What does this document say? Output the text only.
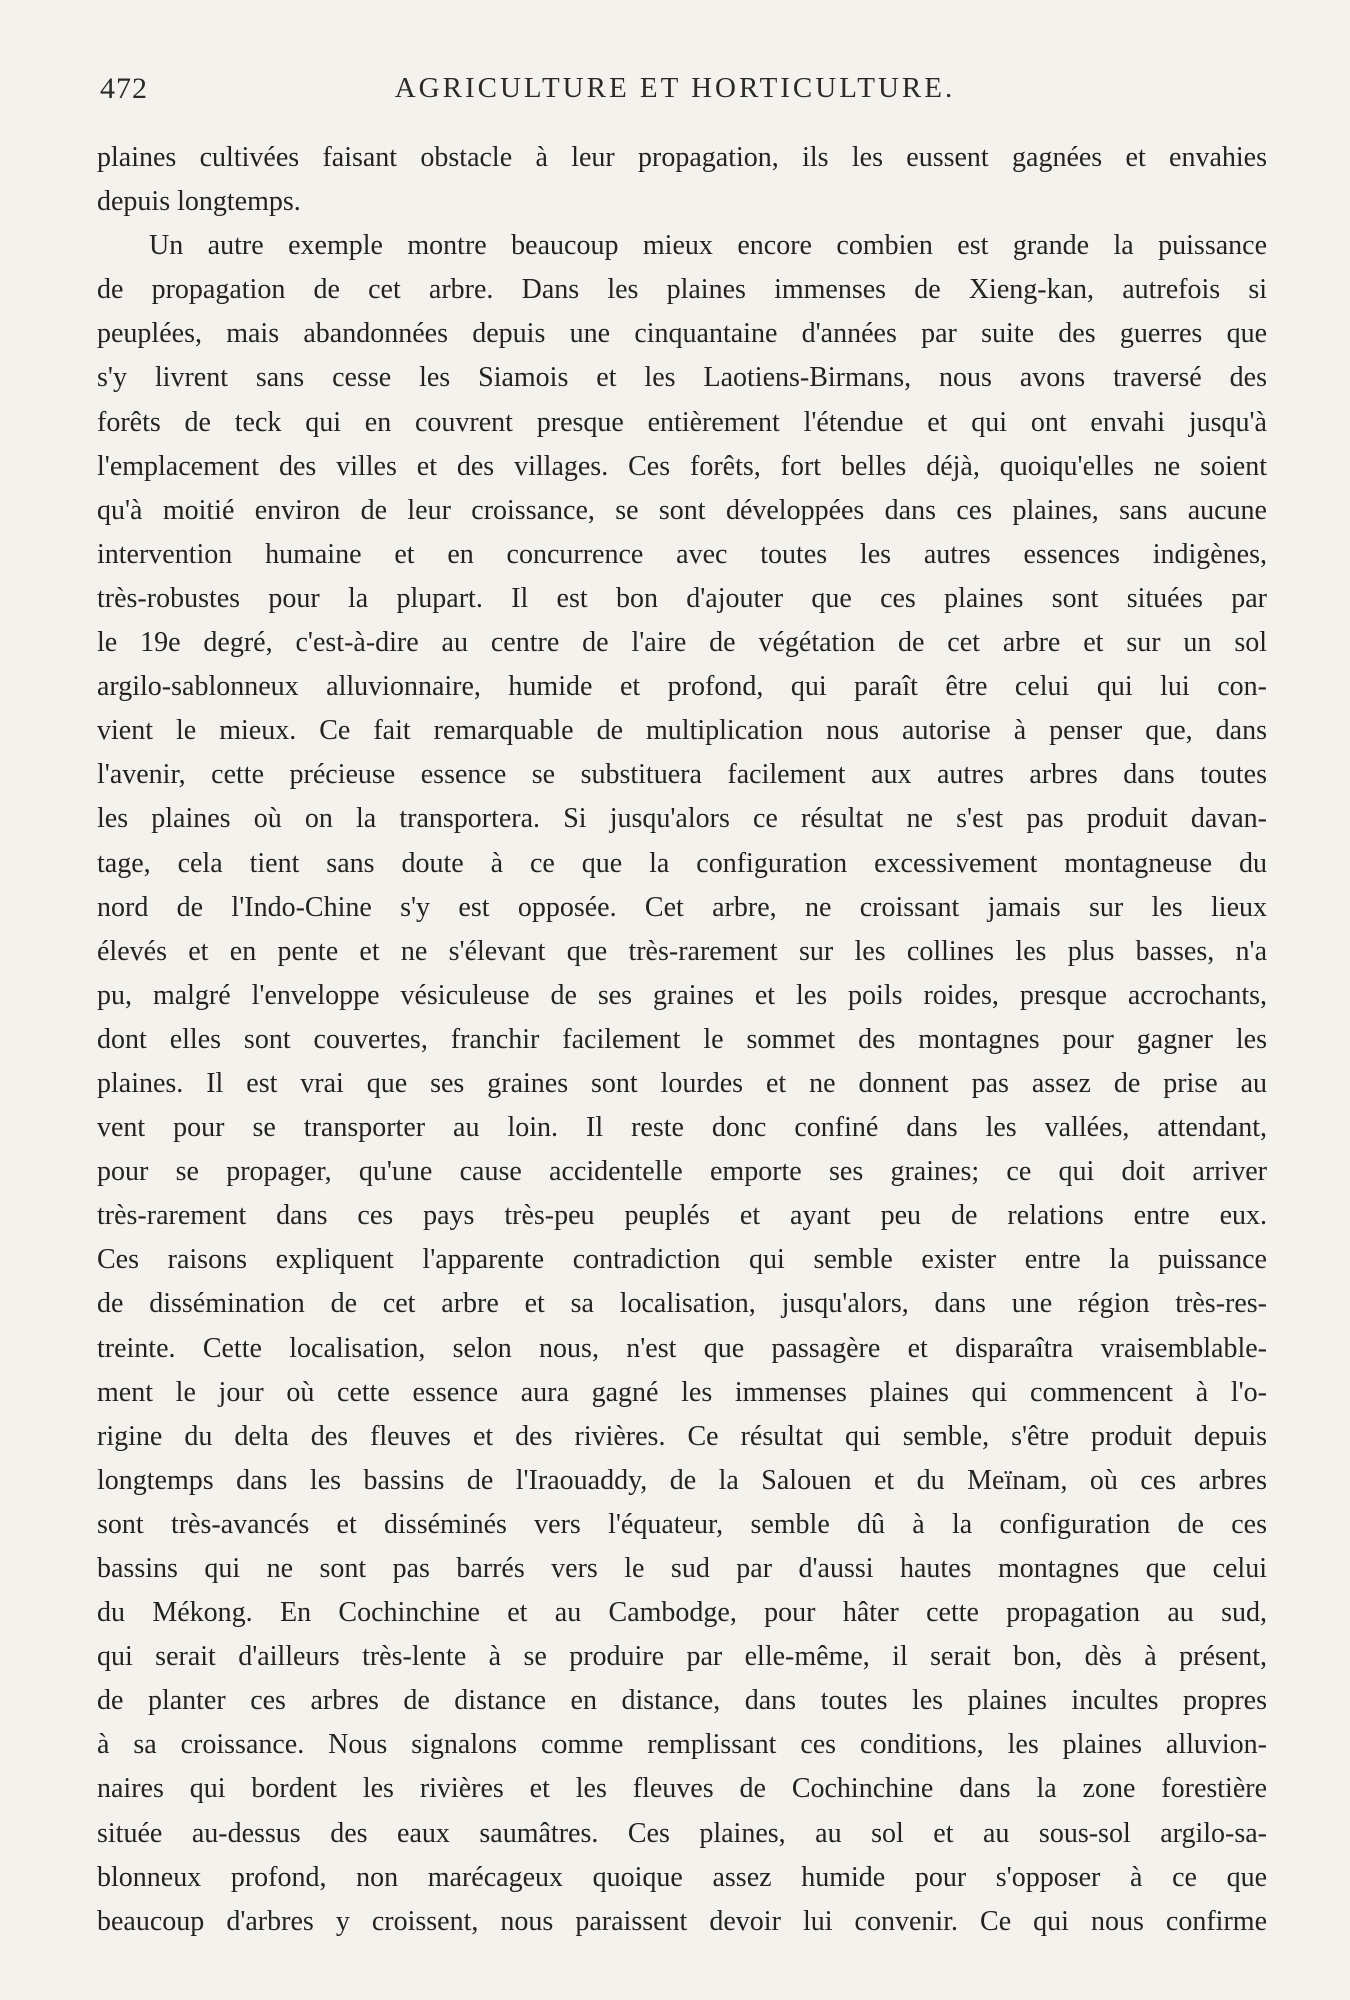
472	AGRICULTURE ET HORTICULTURE.
plaines cultivées faisant obstacle à leur propagation, ils les eussent gagnées et envahies
depuis longtemps.
Un autre exemple montre beaucoup mieux encore combien est grande la puissance
de propagation de cet arbre. Dans les plaines immenses de Xieng-kan, autrefois si
peuplées, mais abandonnées depuis une cinquantaine d'années par suite des guerres que
s'y livrent sans cesse les Siamois et les Laotiens-Birmans, nous avons traversé des
forêts de teck qui en couvrent presque entièrement l'étendue et qui ont envahi jusqu'à
l'emplacement des villes et des villages. Ces forêts, fort belles déjà, quoiqu'elles ne soient
qu'à moitié environ de leur croissance, se sont développées dans ces plaines, sans aucune
intervention humaine et en concurrence avec toutes les autres essences indigènes,
très-robustes pour la plupart. Il est bon d'ajouter que ces plaines sont situées par
le 19e degré, c'est-à-dire au centre de l'aire de végétation de cet arbre et sur un sol
argilo-sablonneux alluvionnaire, humide et profond, qui paraît être celui qui lui con-
vient le mieux. Ce fait remarquable de multiplication nous autorise à penser que, dans
l'avenir, cette précieuse essence se substituera facilement aux autres arbres dans toutes
les plaines où on la transportera. Si jusqu'alors ce résultat ne s'est pas produit davan-
tage, cela tient sans doute à ce que la configuration excessivement montagneuse du
nord de l'Indo-Chine s'y est opposée. Cet arbre, ne croissant jamais sur les lieux
élevés et en pente et ne s'élevant que très-rarement sur les collines les plus basses, n'a
pu, malgré l'enveloppe vésiculeuse de ses graines et les poils roides, presque accrochants,
dont elles sont couvertes, franchir facilement le sommet des montagnes pour gagner les
plaines. Il est vrai que ses graines sont lourdes et ne donnent pas assez de prise au
vent pour se transporter au loin. Il reste donc confiné dans les vallées, attendant,
pour se propager, qu'une cause accidentelle emporte ses graines; ce qui doit arriver
très-rarement dans ces pays très-peu peuplés et ayant peu de relations entre eux.
Ces raisons expliquent l'apparente contradiction qui semble exister entre la puissance
de dissémination de cet arbre et sa localisation, jusqu'alors, dans une région très-res-
treinte. Cette localisation, selon nous, n'est que passagère et disparaîtra vraisemblable-
ment le jour où cette essence aura gagné les immenses plaines qui commencent à l'o-
rigine du delta des fleuves et des rivières. Ce résultat qui semble, s'être produit depuis
longtemps dans les bassins de l'Iraouaddy, de la Salouen et du Meïnam, où ces arbres
sont très-avancés et disséminés vers l'équateur, semble dû à la configuration de ces
bassins qui ne sont pas barrés vers le sud par d'aussi hautes montagnes que celui
du Mékong. En Cochinchine et au Cambodge, pour hâter cette propagation au sud,
qui serait d'ailleurs très-lente à se produire par elle-même, il serait bon, dès à présent,
de planter ces arbres de distance en distance, dans toutes les plaines incultes propres
à sa croissance. Nous signalons comme remplissant ces conditions, les plaines alluvion-
naires qui bordent les rivières et les fleuves de Cochinchine dans la zone forestière
située au-dessus des eaux saumâtres. Ces plaines, au sol et au sous-sol argilo-sa-
blonneux profond, non marécageux quoique assez humide pour s'opposer à ce que
beaucoup d'arbres y croissent, nous paraissent devoir lui convenir. Ce qui nous confirme
